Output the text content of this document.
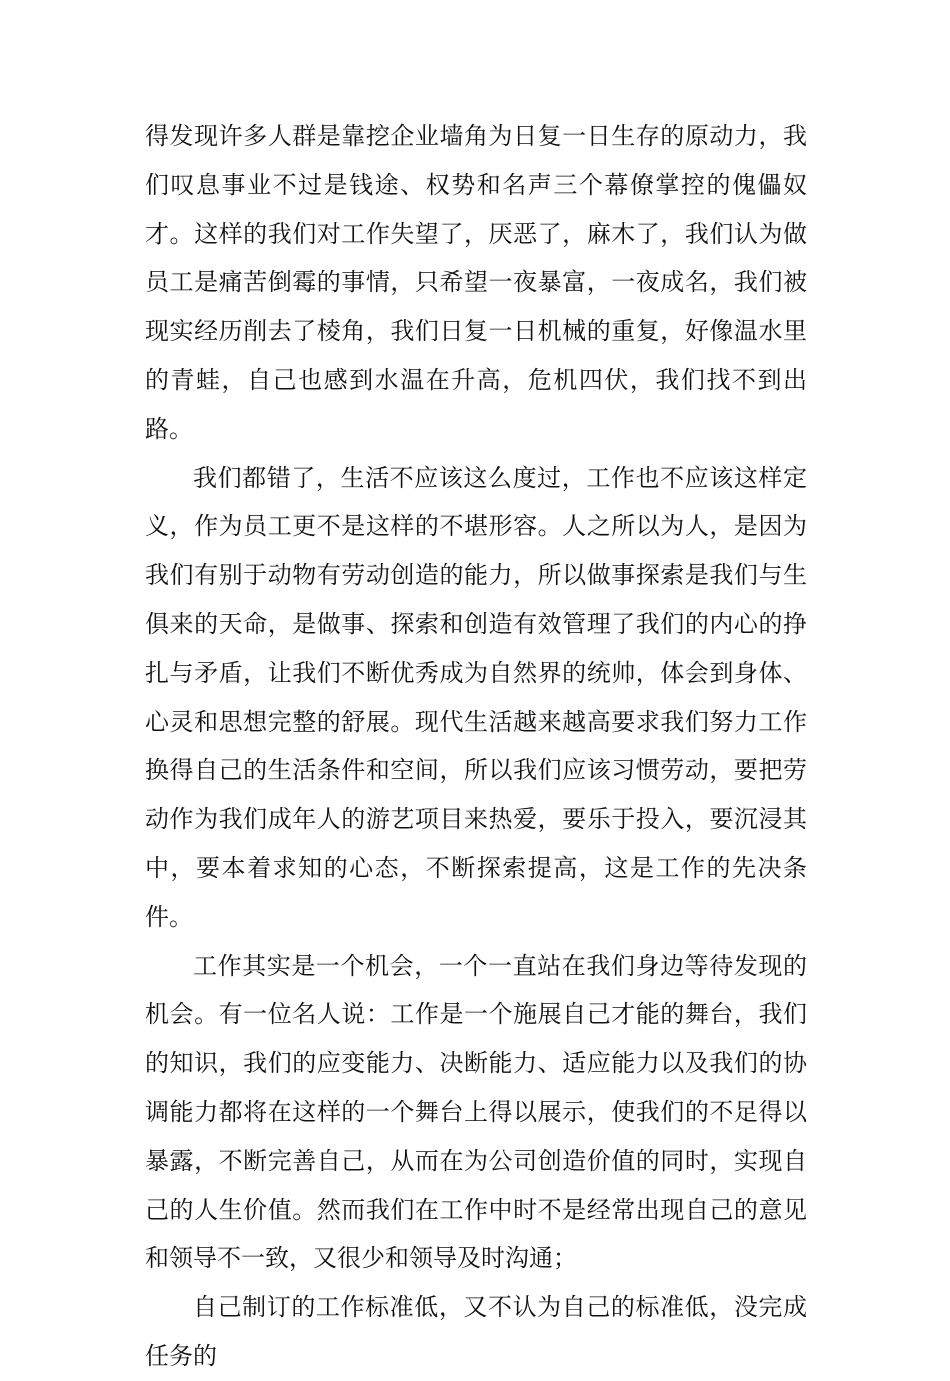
得发现许多人群是靠挖企业墙角为日复一日生存的原动力，我们叹息事业不过是钱途、权势和名声三个幕僚掌控的傀儡奴才。这样的我们对工作失望了，厌恶了，麻木了，我们认为做员工是痛苦倒霉的事情，只希望一夜暴富，一夜成名，我们被现实经历削去了棱角，我们日复一日机械的重复，好像温水里的青蛙，自己也感到水温在升高，危机四伏，我们找不到出路。

我们都错了，生活不应该这么度过，工作也不应该这样定义，作为员工更不是这样的不堪形容。人之所以为人，是因为我们有别于动物有劳动创造的能力，所以做事探索是我们与生俱来的天命，是做事、探索和创造有效管理了我们的内心的挣扎与矛盾，让我们不断优秀成为自然界的统帅，体会到身体、心灵和思想完整的舒展。现代生活越来越高要求我们努力工作换得自己的生活条件和空间，所以我们应该习惯劳动，要把劳动作为我们成年人的游艺项目来热爱，要乐于投入，要沉浸其中，要本着求知的心态，不断探索提高，这是工作的先决条件。

工作其实是一个机会，一个一直站在我们身边等待发现的机会。有一位名人说：工作是一个施展自己才能的舞台，我们的知识，我们的应变能力、决断能力、适应能力以及我们的协调能力都将在这样的一个舞台上得以展示，使我们的不足得以暴露，不断完善自己，从而在为公司创造价值的同时，实现自己的人生价值。然而我们在工作中时不是经常出现自己的意见和领导不一致，又很少和领导及时沟通；

自己制订的工作标准低，又不认为自己的标准低，没完成任务的
